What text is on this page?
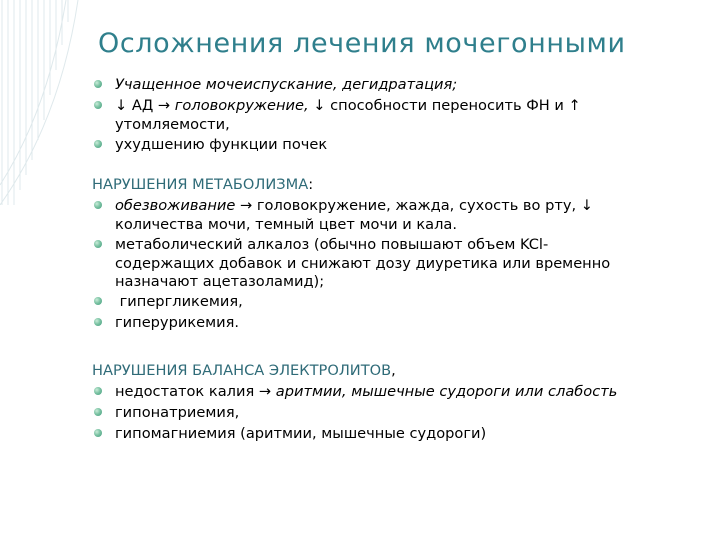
Осложнения лечения мочегонными
Учащенное мочеиспускание, дегидратация;
↓ АД → головокружение, ↓ способности переносить ФН и ↑
утомляемости,
ухудшению функции почек
НАРУШЕНИЯ МЕТАБОЛИЗМА:
обезвоживание → головокружение, жажда, сухость во рту, ↓
количества мочи, темный цвет мочи и кала.
метаболический алкалоз (обычно повышают объем KCl-
содержащих добавок и снижают дозу диуретика или временно
назначают ацетазоламид);
гипергликемия,
гиперурикемия.
НАРУШЕНИЯ БАЛАНСА ЭЛЕКТРОЛИТОВ,
недостаток калия → аритмии, мышечные судороги или слабость
гипонатриемия,
гипомагниемия (аритмии, мышечные судороги)
